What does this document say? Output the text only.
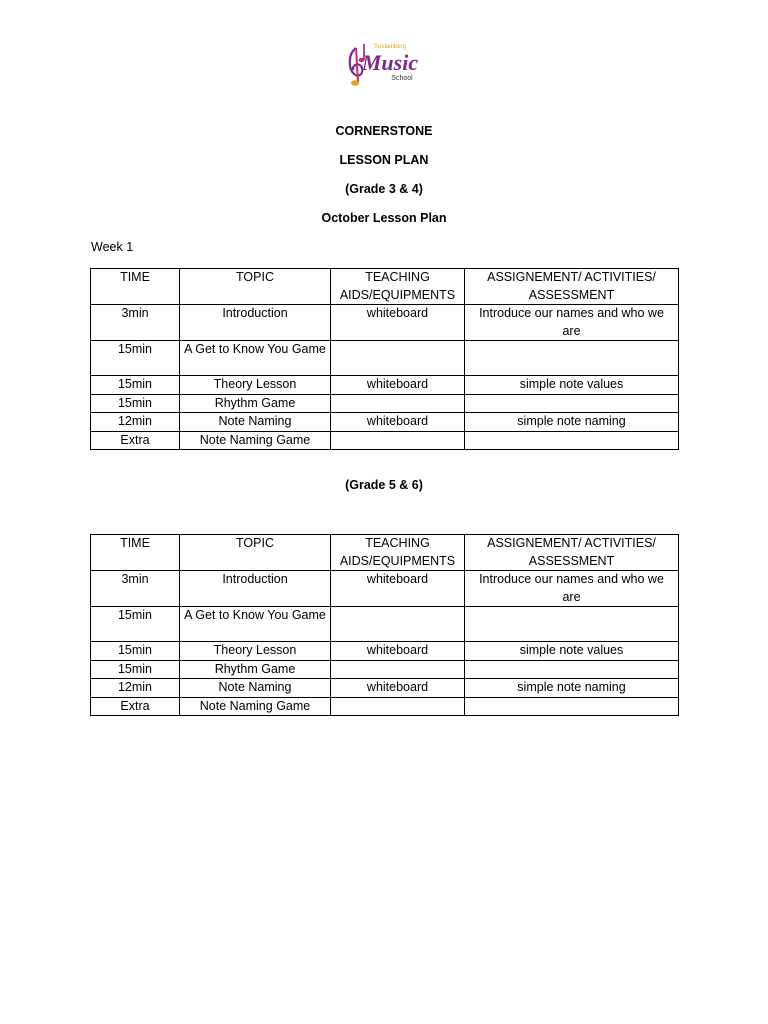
Sustainberg
Music
School
CORNERSTONE
LESSON PLAN
(Grade 3 & 4)
October Lesson Plan
Week 1
TIME	TOPIC	TEACHING AIDS/EQUIPMENTS	ASSIGNEMENT/ ACTIVITIES/ ASSESSMENT
3min	Introduction	whiteboard	Introduce our names and who we are
15min	A Get to Know You Game		
15min	Theory Lesson	whiteboard	simple note values
15min	Rhythm Game		
12min	Note Naming	whiteboard	simple note naming
Extra	Note Naming Game		
(Grade 5 & 6)
TIME	TOPIC	TEACHING AIDS/EQUIPMENTS	ASSIGNEMENT/ ACTIVITIES/ ASSESSMENT
3min	Introduction	whiteboard	Introduce our names and who we are
15min	A Get to Know You Game		
15min	Theory Lesson	whiteboard	simple note values
15min	Rhythm Game		
12min	Note Naming	whiteboard	simple note naming
Extra	Note Naming Game		
